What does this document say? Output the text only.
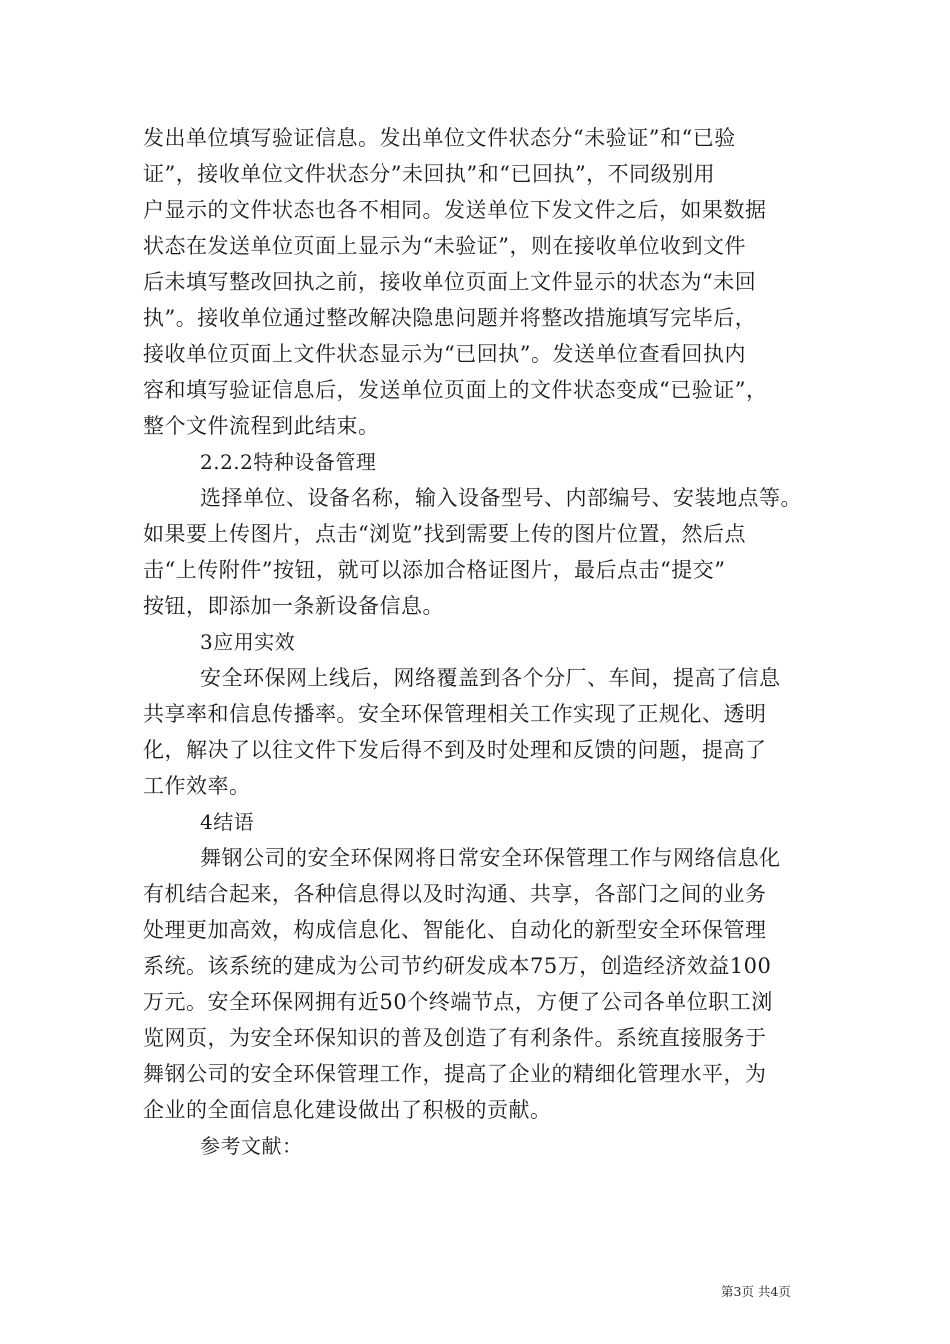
发出单位填写验证信息。发出单位文件状态分“未验证”和“已验
证”，接收单位文件状态分”未回执”和“已回执”，不同级别用
户显示的文件状态也各不相同。发送单位下发文件之后，如果数据
状态在发送单位页面上显示为“未验证”，则在接收单位收到文件
后未填写整改回执之前，接收单位页面上文件显示的状态为“未回
执”。接收单位通过整改解决隐患问题并将整改措施填写完毕后，
接收单位页面上文件状态显示为“已回执”。发送单位查看回执内
容和填写验证信息后，发送单位页面上的文件状态变成“已验证”，
整个文件流程到此结束。
2.2.2特种设备管理
选择单位、设备名称，输入设备型号、内部编号、安装地点等。
如果要上传图片，点击“浏览”找到需要上传的图片位置，然后点
击“上传附件”按钮，就可以添加合格证图片，最后点击“提交”
按钮，即添加一条新设备信息。
3应用实效
安全环保网上线后，网络覆盖到各个分厂、车间，提高了信息
共享率和信息传播率。安全环保管理相关工作实现了正规化、透明
化，解决了以往文件下发后得不到及时处理和反馈的问题，提高了
工作效率。
4结语
舞钢公司的安全环保网将日常安全环保管理工作与网络信息化
有机结合起来，各种信息得以及时沟通、共享，各部门之间的业务
处理更加高效，构成信息化、智能化、自动化的新型安全环保管理
系统。该系统的建成为公司节约研发成本75万，创造经济效益100
万元。安全环保网拥有近50个终端节点，方便了公司各单位职工浏
览网页，为安全环保知识的普及创造了有利条件。系统直接服务于
舞钢公司的安全环保管理工作，提高了企业的精细化管理水平，为
企业的全面信息化建设做出了积极的贡献。
参考文献：
第3页 共4页
